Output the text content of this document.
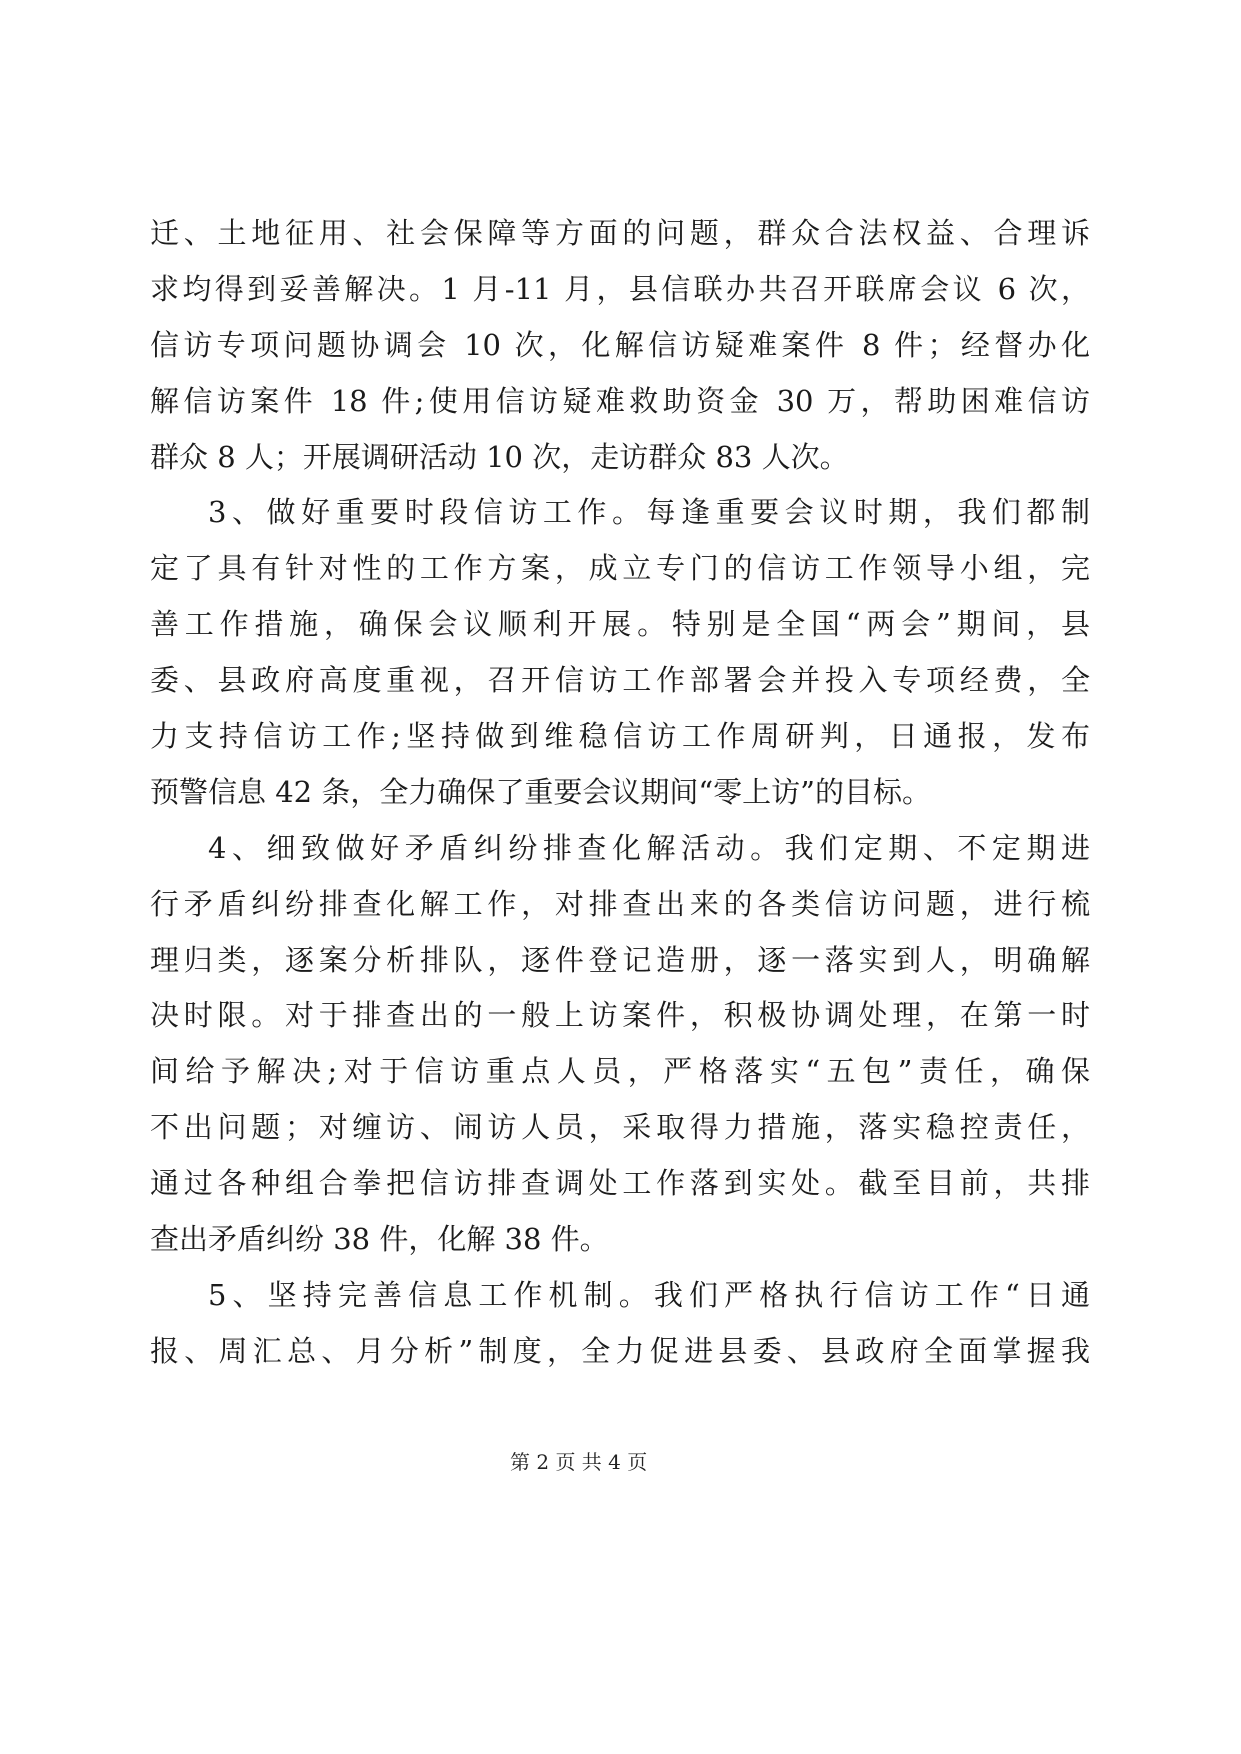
迁、土地征用、社会保障等方面的问题，群众合法权益、合理诉
求均得到妥善解决。1 月-11 月，县信联办共召开联席会议 6 次，
信访专项问题协调会 10 次，化解信访疑难案件 8 件；经督办化
解信访案件 18 件;使用信访疑难救助资金 30 万，帮助困难信访
群众 8 人；开展调研活动 10 次，走访群众 83 人次。
3、做好重要时段信访工作。每逢重要会议时期，我们都制
定了具有针对性的工作方案，成立专门的信访工作领导小组，完
善工作措施，确保会议顺利开展。特别是全国“两会”期间，县
委、县政府高度重视，召开信访工作部署会并投入专项经费，全
力支持信访工作;坚持做到维稳信访工作周研判，日通报，发布
预警信息 42 条，全力确保了重要会议期间“零上访”的目标。
4、细致做好矛盾纠纷排查化解活动。我们定期、不定期进
行矛盾纠纷排查化解工作，对排查出来的各类信访问题，进行梳
理归类，逐案分析排队，逐件登记造册，逐一落实到人，明确解
决时限。对于排查出的一般上访案件，积极协调处理，在第一时
间给予解决;对于信访重点人员，严格落实“五包”责任，确保
不出问题；对缠访、闹访人员，采取得力措施，落实稳控责任，
通过各种组合拳把信访排查调处工作落到实处。截至目前，共排
查出矛盾纠纷 38 件，化解 38 件。
5、坚持完善信息工作机制。我们严格执行信访工作“日通
报、周汇总、月分析”制度，全力促进县委、县政府全面掌握我
第 2 页 共 4 页
